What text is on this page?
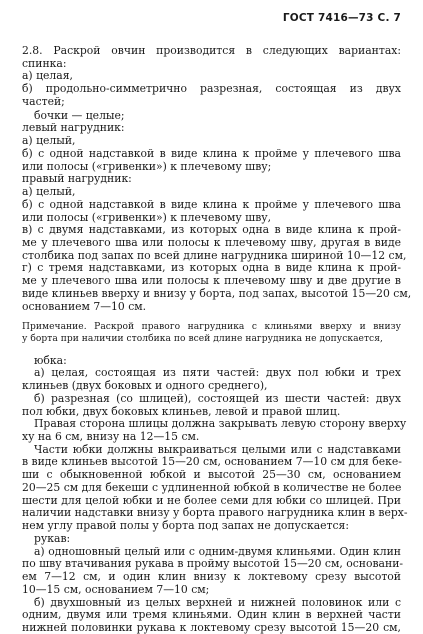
ГОСТ 7416—73 С. 7
2.8. Раскрой овчин производится в следующих вариантах:
спинка:
а) целая,
б) продольно-симметрично разрезная, состоящая из двух
частей;
бочки — целые;
левый нагрудник:
а) целый,
б) с одной надставкой в виде клина к пройме у плечевого шва
или полосы («гривенки») к плечевому шву;
правый нагрудник:
а) целый,
б) с одной надставкой в виде клина к пройме у плечевого шва
или полосы («гривенки») к плечевому шву,
в) с двумя надставками, из которых одна в виде клина к прой-
ме у плечевого шва или полосы к плечевому шву, другая в виде
столбика под запах по всей длине нагрудника шириной 10—12 см,
г) с тремя надставками, из которых одна в виде клина к прой-
ме у плечевого шва или полосы к плечевому шву и две другие в
виде клиньев вверху и внизу у борта, под запах, высотой 15—20 см,
основанием 7—10 см.
Примечание. Раскрой правого нагрудника с клиньями вверху и внизу
у борта при наличии столбика по всей длине нагрудника не допускается,
юбка:
а) целая, состоящая из пяти частей: двух пол юбки и трех
клиньев (двух боковых и одного среднего),
б) разрезная (со шлицей), состоящей из шести частей: двух
пол юбки, двух боковых клиньев, левой и правой шлиц.
Правая сторона шлицы должна закрывать левую сторону вверху
ху на 6 см, внизу на 12—15 см.
Части юбки должны выкраиваться целыми или с надставками
в виде клиньев высотой 15—20 см, основанием 7—10 см для беке-
ши с обыкновенной юбкой и высотой 25—30 см, основанием
20—25 см для бекеши с удлиненной юбкой в количестве не более
шести для целой юбки и не более семи для юбки со шлицей. При
наличии надставки внизу у борта правого нагрудника клин в верх-
нем углу правой полы у борта под запах не допускается:
рукав:
а) одношовный целый или с одним-двумя клиньями. Один клин
по шву втачивания рукава в пройму высотой 15—20 см, основани-
ем 7—12 см, и один клин внизу к локтевому срезу высотой
10—15 см, основанием 7—10 см;
б) двухшовный из целых верхней и нижней половинок или с
одним, двумя или тремя клиньями. Один клин в верхней части
нижней половинки рукава к локтевому срезу высотой 15—20 см,
